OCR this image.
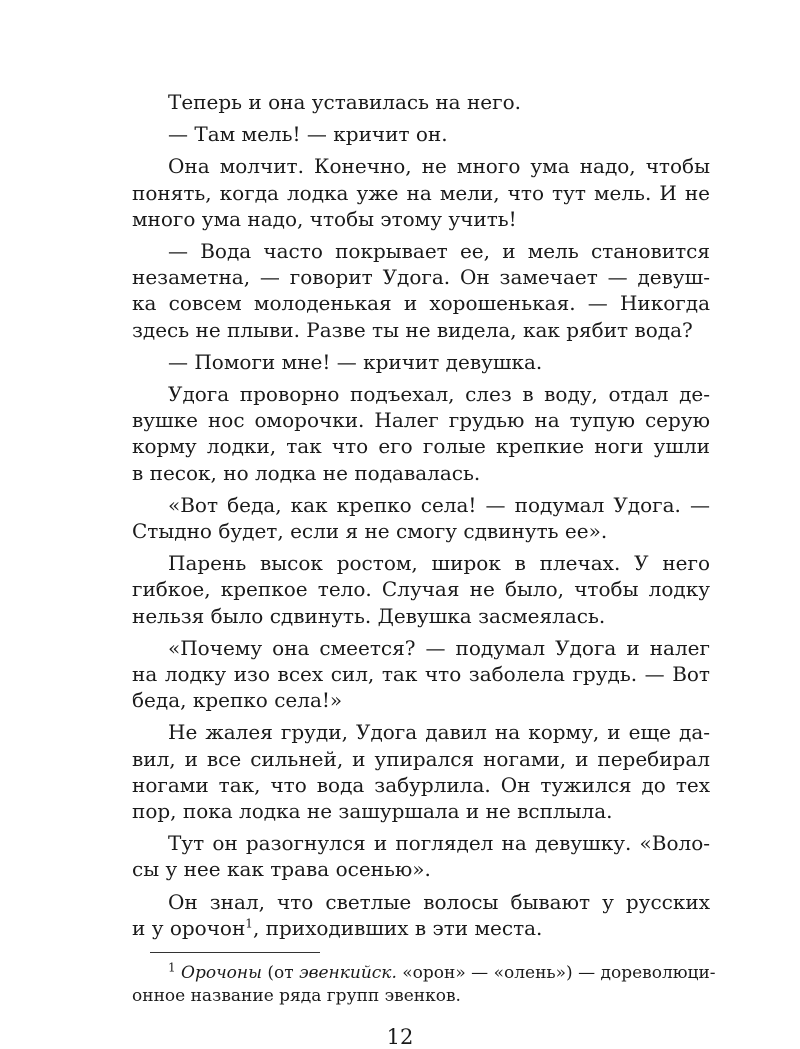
Теперь и она уставилась на него.
— Там мель! — кричит он.
Она молчит. Конечно, не много ума надо, чтобы
понять, когда лодка уже на мели, что тут мель. И не
много ума надо, чтобы этому учить!
— Вода часто покрывает ее, и мель становится
незаметна, — говорит Удога. Он замечает — девуш-
ка совсем молоденькая и хорошенькая. — Никогда
здесь не плыви. Разве ты не видела, как рябит вода?
— Помоги мне! — кричит девушка.
Удога проворно подъехал, слез в воду, отдал де-
вушке нос оморочки. Налег грудью на тупую серую
корму лодки, так что его голые крепкие ноги ушли
в песок, но лодка не подавалась.
«Вот беда, как крепко села! — подумал Удога. —
Стыдно будет, если я не смогу сдвинуть ее».
Парень высок ростом, широк в плечах. У него
гибкое, крепкое тело. Случая не было, чтобы лодку
нельзя было сдвинуть. Девушка засмеялась.
«Почему она смеется? — подумал Удога и налег
на лодку изо всех сил, так что заболела грудь. — Вот
беда, крепко села!»
Не жалея груди, Удога давил на корму, и еще да-
вил, и все сильней, и упирался ногами, и перебирал
ногами так, что вода забурлила. Он тужился до тех
пор, пока лодка не зашуршала и не всплыла.
Тут он разогнулся и поглядел на девушку. «Воло-
сы у нее как трава осенью».
Он знал, что светлые волосы бывают у русских
и у орочон$^1$, приходивших в эти места.
$^1$ Орочоны (от эвенкийск. «орон» — «олень») — дореволюци-
онное название ряда групп эвенков.
12
